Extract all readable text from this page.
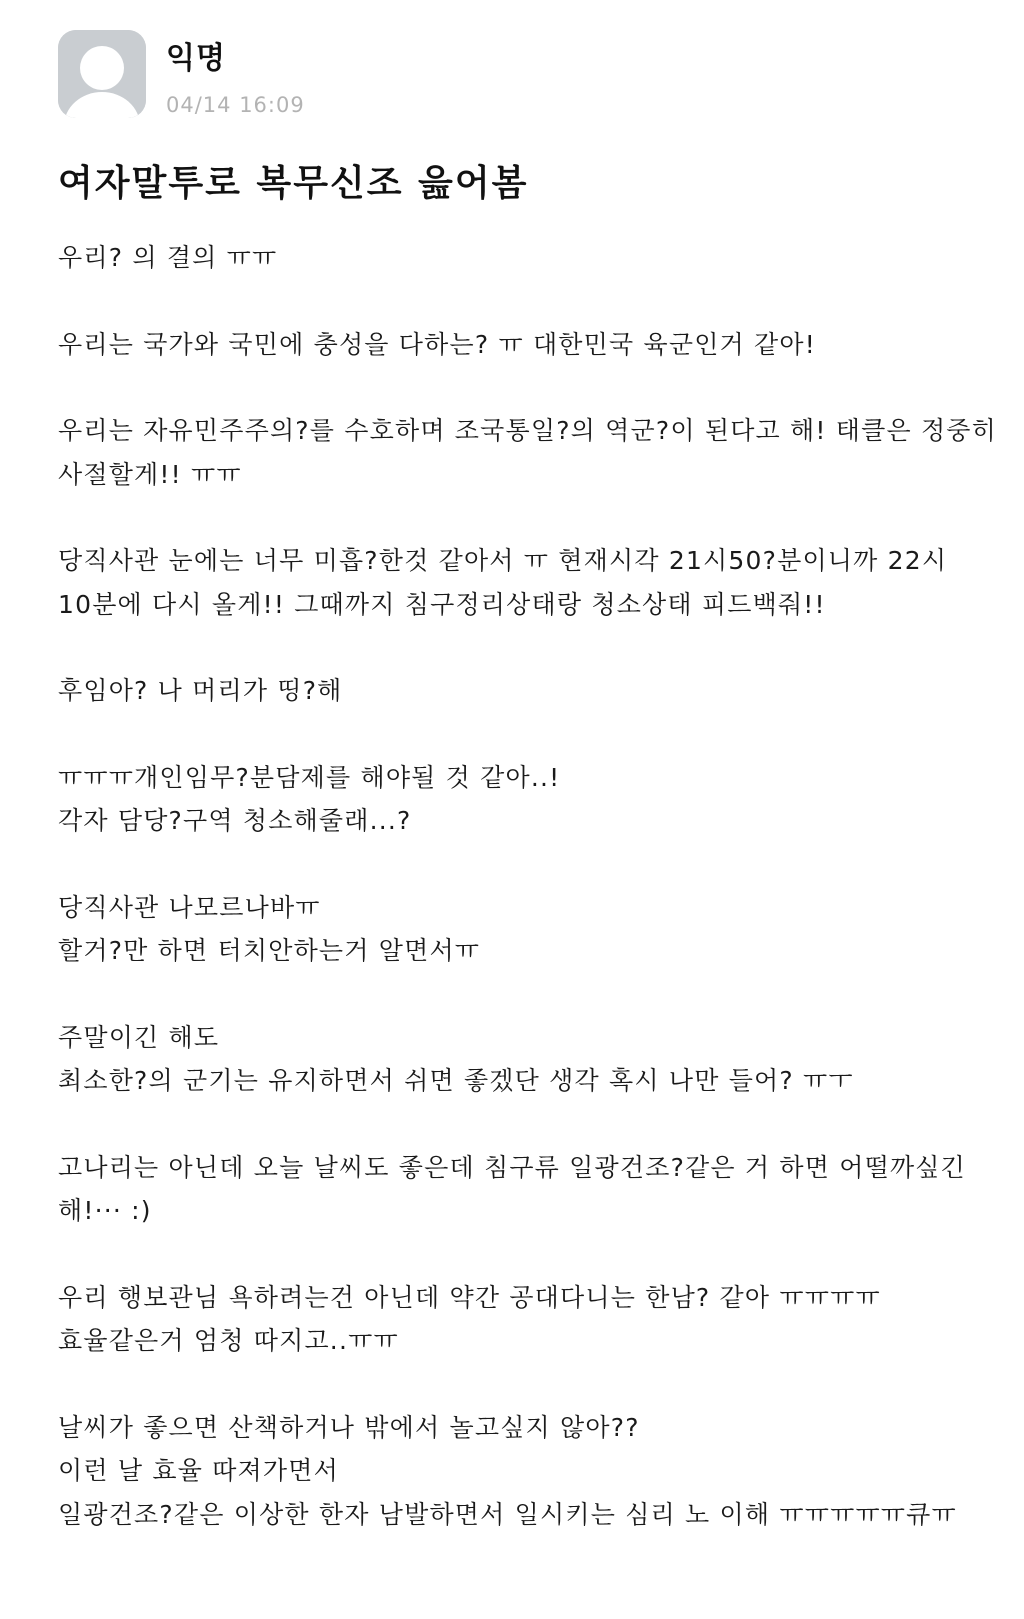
익명
04/14 16:09
여자말투로 복무신조 읊어봄
우리? 의 결의 ㅠㅠ
우리는 국가와 국민에 충성을 다하는? ㅠ 대한민국 육군인거 같아!
우리는 자유민주주의?를 수호하며 조국통일?의 역군?이 된다고 해! 태클은 정중히
사절할게!! ㅠㅠ
당직사관 눈에는 너무 미흡?한것 같아서 ㅠ 현재시각 21시50?분이니까 22시
10분에 다시 올게!! 그때까지 침구정리상태랑 청소상태 피드백줘!!
후임아? 나 머리가 띵?해
ㅠㅠㅠ개인임무?분담제를 해야될 것 같아..!
각자 담당?구역 청소해줄래...?
당직사관 나모르나바ㅠ
할거?만 하면 터치안하는거 알면서ㅠ
주말이긴 해도
최소한?의 군기는 유지하면서 쉬면 좋겠단 생각 혹시 나만 들어? ㅠㅜ
고나리는 아닌데 오늘 날씨도 좋은데 침구류 일광건조?같은 거 하면 어떨까싶긴
해!··· :)
우리 행보관님 욕하려는건 아닌데 약간 공대다니는 한남? 같아 ㅠㅠㅠㅠ
효율같은거 엄청 따지고..ㅠㅠ
날씨가 좋으면 산책하거나 밖에서 놀고싶지 않아??
이런 날 효율 따져가면서
일광건조?같은 이상한 한자 남발하면서 일시키는 심리 노 이해 ㅠㅠㅠㅠㅠ큐ㅠ
